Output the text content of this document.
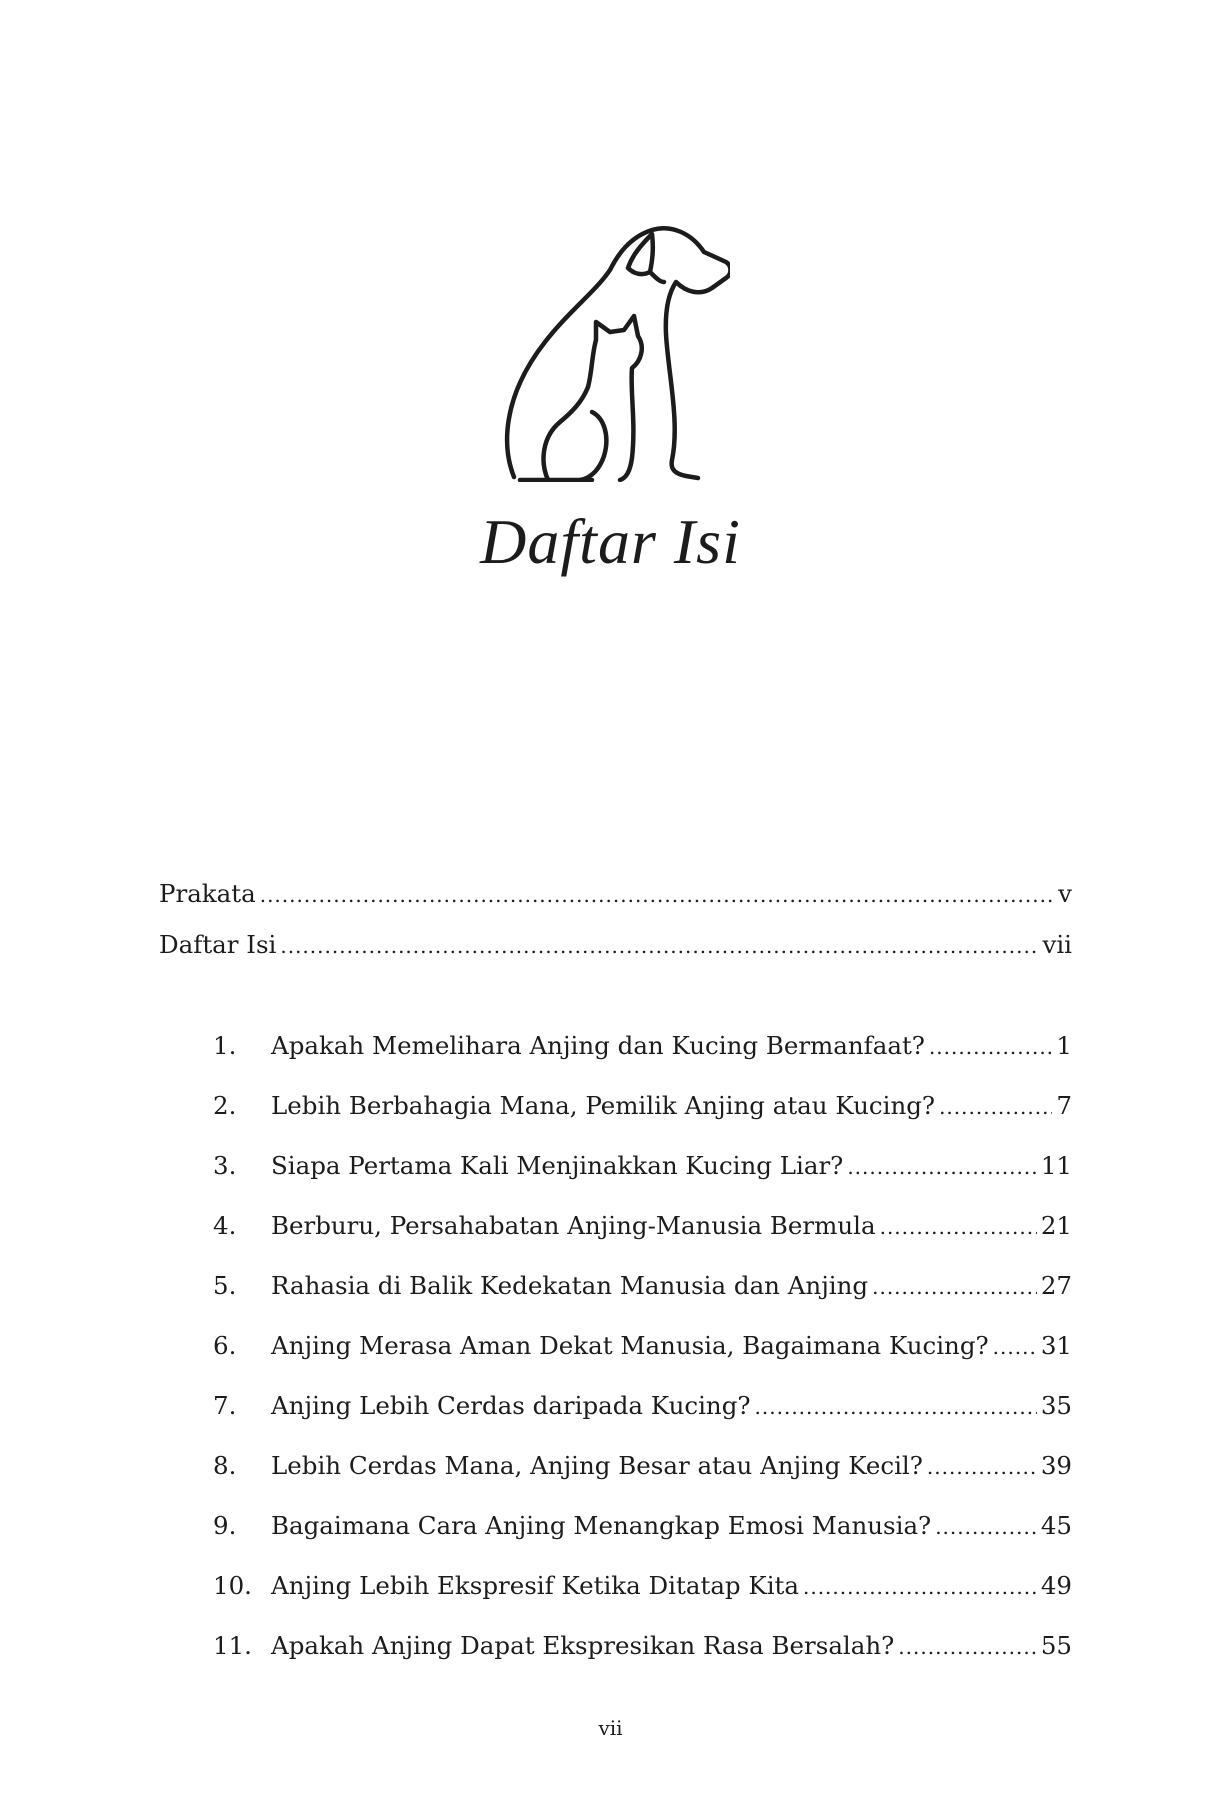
Daftar Isi
Prakata .....	v
Daftar Isi .....	vii
1.	Apakah Memelihara Anjing dan Kucing Bermanfaat? .....	1
2.	Lebih Berbahagia Mana, Pemilik Anjing atau Kucing? .....	7
3.	Siapa Pertama Kali Menjinakkan Kucing Liar? .....	11
4.	Berburu, Persahabatan Anjing-Manusia Bermula .....	21
5.	Rahasia di Balik Kedekatan Manusia dan Anjing .....	27
6.	Anjing Merasa Aman Dekat Manusia, Bagaimana Kucing? ..... 31
7.	Anjing Lebih Cerdas daripada Kucing? .....	35
8.	Lebih Cerdas Mana, Anjing Besar atau Anjing Kecil? .....	39
9.	Bagaimana Cara Anjing Menangkap Emosi Manusia? .....	45
10. Anjing Lebih Ekspresif Ketika Ditatap Kita .....	49
11. Apakah Anjing Dapat Ekspresikan Rasa Bersalah? .....	55
vii
